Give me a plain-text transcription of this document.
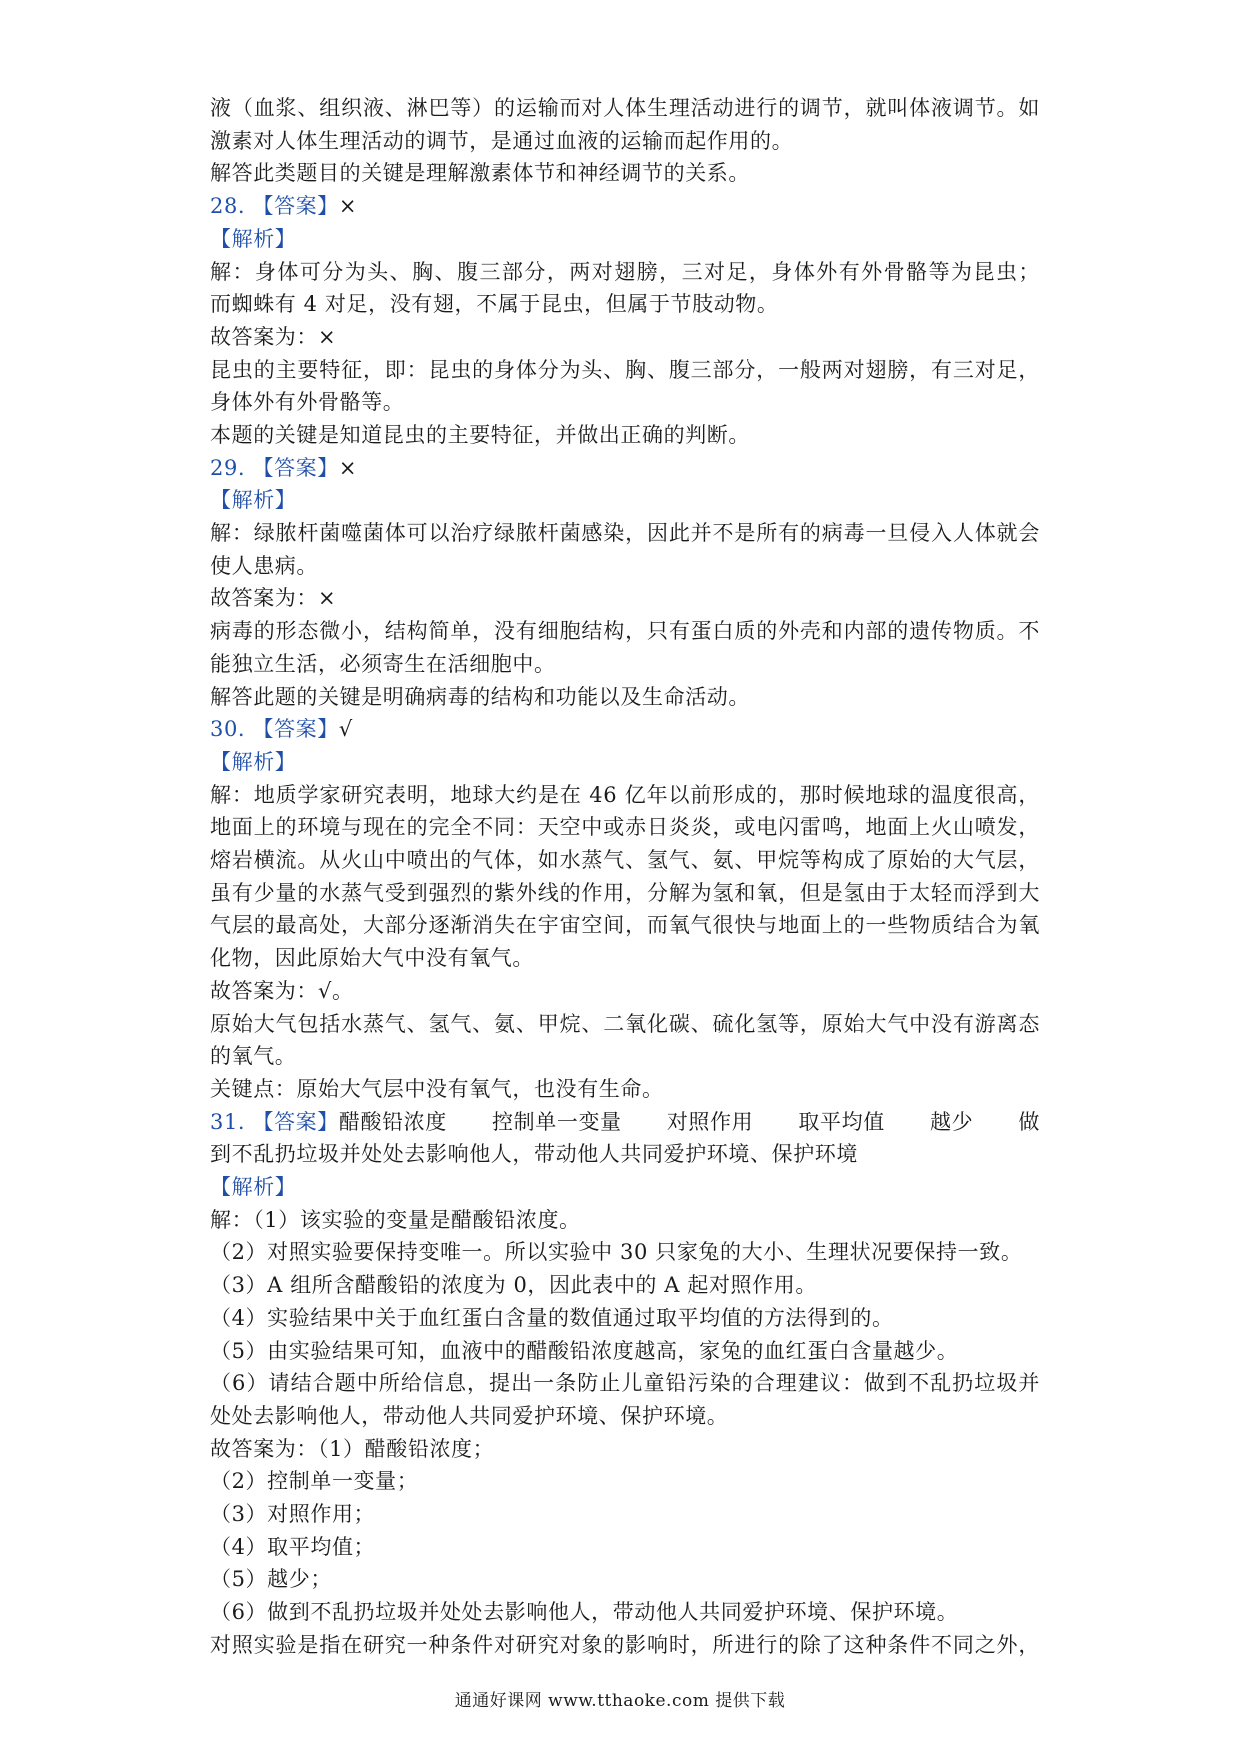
液（血浆、组织液、淋巴等）的运输而对人体生理活动进行的调节，就叫体液调节。如
激素对人体生理活动的调节，是通过血液的运输而起作用的。
解答此类题目的关键是理解激素体节和神经调节的关系。
28. 【答案】×
【解析】
解：身体可分为头、胸、腹三部分，两对翅膀，三对足，身体外有外骨骼等为昆虫；
而蜘蛛有 4 对足，没有翅，不属于昆虫，但属于节肢动物。
故答案为：×
昆虫的主要特征，即：昆虫的身体分为头、胸、腹三部分，一般两对翅膀，有三对足，
身体外有外骨骼等。
本题的关键是知道昆虫的主要特征，并做出正确的判断。
29. 【答案】×
【解析】
解：绿脓杆菌噬菌体可以治疗绿脓杆菌感染，因此并不是所有的病毒一旦侵入人体就会
使人患病。
故答案为：×
病毒的形态微小，结构简单，没有细胞结构，只有蛋白质的外壳和内部的遗传物质。不
能独立生活，必须寄生在活细胞中。
解答此题的关键是明确病毒的结构和功能以及生命活动。
30. 【答案】√
【解析】
解：地质学家研究表明，地球大约是在 46 亿年以前形成的，那时候地球的温度很高，
地面上的环境与现在的完全不同：天空中或赤日炎炎，或电闪雷鸣，地面上火山喷发，
熔岩横流。从火山中喷出的气体，如水蒸气、氢气、氨、甲烷等构成了原始的大气层，
虽有少量的水蒸气受到强烈的紫外线的作用，分解为氢和氧，但是氢由于太轻而浮到大
气层的最高处，大部分逐渐消失在宇宙空间，而氧气很快与地面上的一些物质结合为氧
化物，因此原始大气中没有氧气。
故答案为：√。
原始大气包括水蒸气、氢气、氨、甲烷、二氧化碳、硫化氢等，原始大气中没有游离态
的氧气。
关键点：原始大气层中没有氧气，也没有生命。
31. 【答案】醋酸铅浓度 控制单一变量 对照作用 取平均值 越少 做
到不乱扔垃圾并处处去影响他人，带动他人共同爱护环境、保护环境
【解析】
解：（1）该实验的变量是醋酸铅浓度。
（2）对照实验要保持变唯一。所以实验中 30 只家兔的大小、生理状况要保持一致。
（3）A 组所含醋酸铅的浓度为 0，因此表中的 A 起对照作用。
（4）实验结果中关于血红蛋白含量的数值通过取平均值的方法得到的。
（5）由实验结果可知，血液中的醋酸铅浓度越高，家兔的血红蛋白含量越少。
（6）请结合题中所给信息，提出一条防止儿童铅污染的合理建议：做到不乱扔垃圾并
处处去影响他人，带动他人共同爱护环境、保护环境。
故答案为：（1）醋酸铅浓度；
（2）控制单一变量；
（3）对照作用；
（4）取平均值；
（5）越少；
（6）做到不乱扔垃圾并处处去影响他人，带动他人共同爱护环境、保护环境。
对照实验是指在研究一种条件对研究对象的影响时，所进行的除了这种条件不同之外，
通通好课网 www.tthaoke.com 提供下载
